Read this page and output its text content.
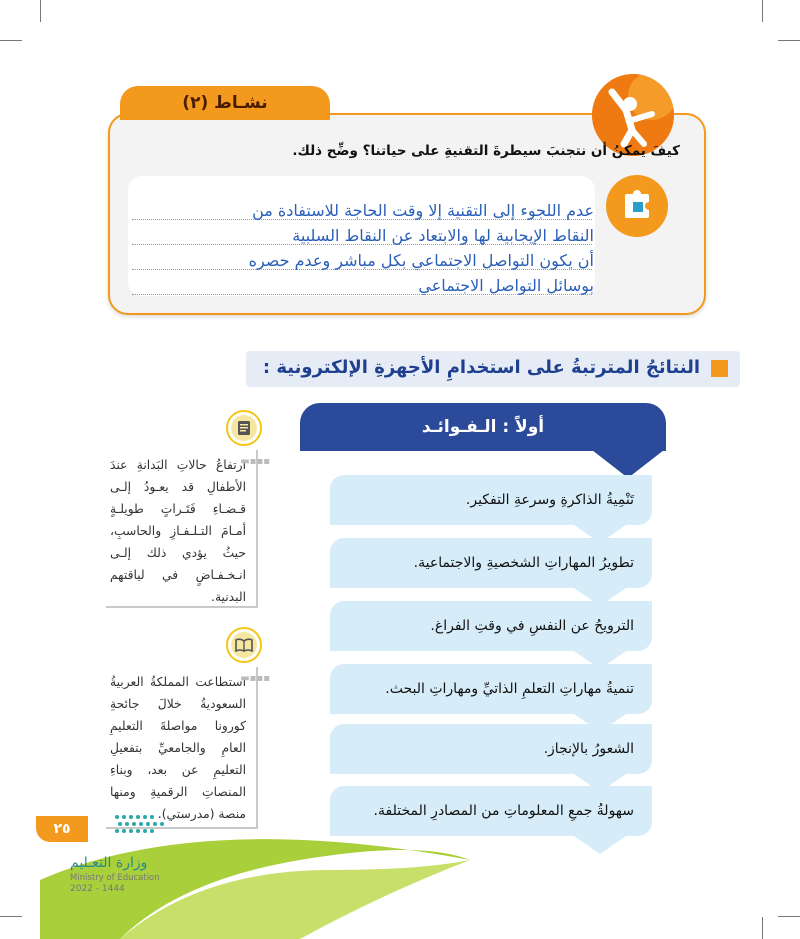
نشـاط (٢)
كيفَ يمكنُ أن نتجنبَ سيطرةَ التقنيةِ على حياتنا؟ وضِّح ذلك.
عدم اللجوء إلى التقنية إلا وقت الحاجة للاستفادة من
النقاط الإيجابية لها والابتعاد عن النقاط السلبية
أن يكون التواصل الاجتماعي بكل مباشر وعدم حصره
بوسائل التواصل الاجتماعي
النتائجُ المترتبةُ على استخدامِ الأجهزةِ الإلكترونية :
أولاً : الـفـوائـد
تَنْمِيةُ الذاكرةِ وسرعةِ التفكير.
تطويرُ المهاراتِ الشخصيةِ والاجتماعية.
الترويحُ عن النفسِ في وقتِ الفراغ.
تنميةُ مهاراتِ التعلمِ الذاتيِّ ومهاراتِ البحث.
الشعورُ بالإنجاز.
سهولةُ جمعِ المعلوماتِ من المصادرِ المختلفة.
▬▪▪▪
ارتفاعُ حالاتِ البَدانةِ عندَ الأطفالِ قد يعـودُ إلـى قـضـاءِ فَتَـراتٍ طويلـةٍ أمـامَ التـلـفـازِ والحاسبِ، حيثُ يؤدي ذلك إلـى انـخـفـاضٍ في لياقتهم البدنية.
▬▪▪▪
استطاعت المملكةُ العربيةُ السعوديةُ خلالَ جائحةِ كورونا مواصلةَ التعليمِ العامِ والجامعيِّ بتفعيلِ التعليمِ عن بعد، وبناءِ المنصاتِ الرقميةِ ومنها منصة (مدرستي).
٢٥
وزارة التعـليم
Ministry of Education
2022 - 1444
